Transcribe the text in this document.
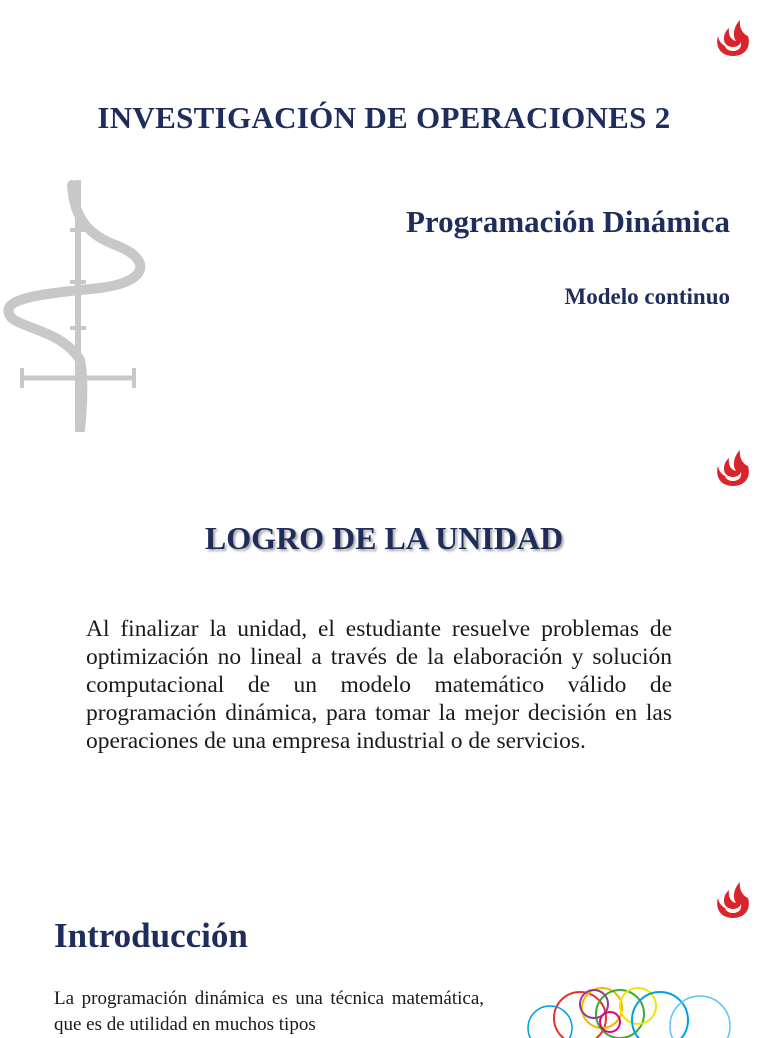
INVESTIGACIÓN DE OPERACIONES 2
Programación Dinámica
Modelo continuo
LOGRO DE LA UNIDAD
Al finalizar la unidad, el estudiante resuelve problemas de optimización no lineal a través de la elaboración y solución computacional de un modelo matemático válido de programación dinámica, para tomar la mejor decisión en las operaciones de una empresa industrial o de servicios.
Introducción
La programación dinámica es una técnica matemática, que es de utilidad en muchos tipos
